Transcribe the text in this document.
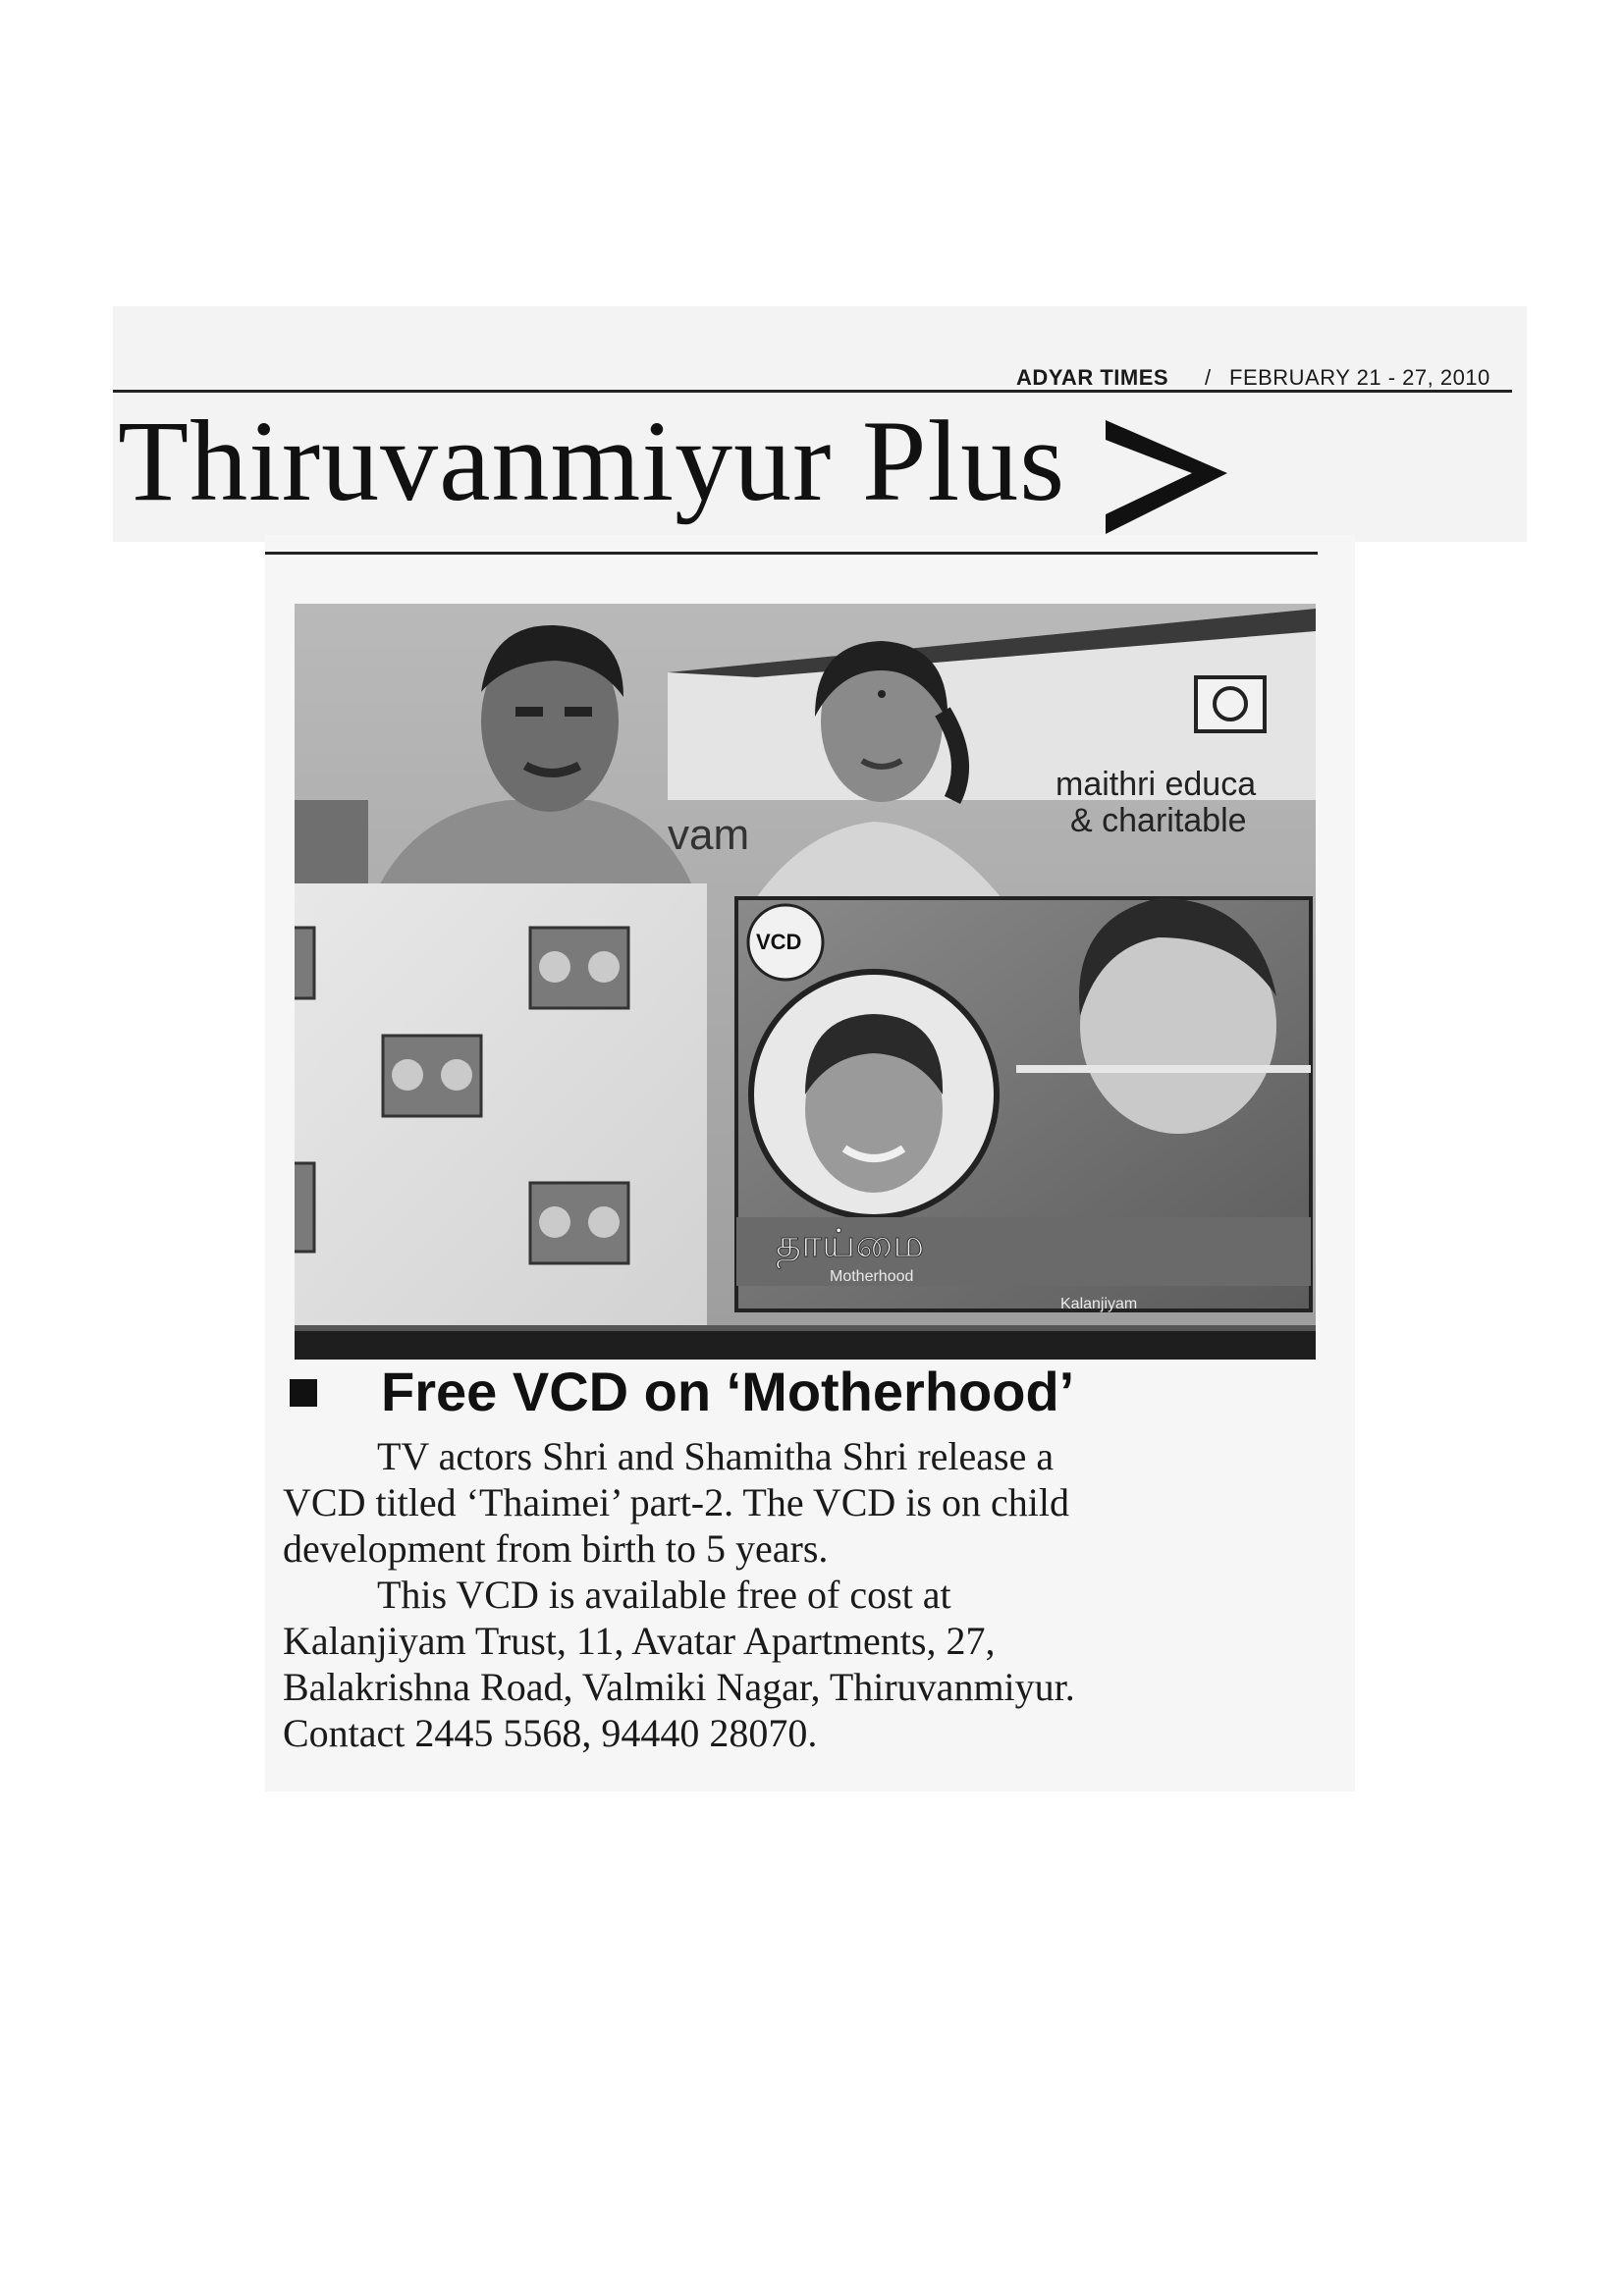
ADYAR TIMES / FEBRUARY 21 - 27, 2010
Thiruvanmiyur Plus
maithri educa
& charitable
vam
VCD
தாய்மை
Motherhood
Kalanjiyam
Free VCD on ‘Motherhood’

TV actors Shri and Shamitha Shri release a
VCD titled ‘Thaimei’ part-2. The VCD is on child
development from birth to 5 years.

This VCD is available free of cost at
Kalanjiyam Trust, 11, Avatar Apartments, 27,
Balakrishna Road, Valmiki Nagar, Thiruvanmiyur.
Contact 2445 5568, 94440 28070.
